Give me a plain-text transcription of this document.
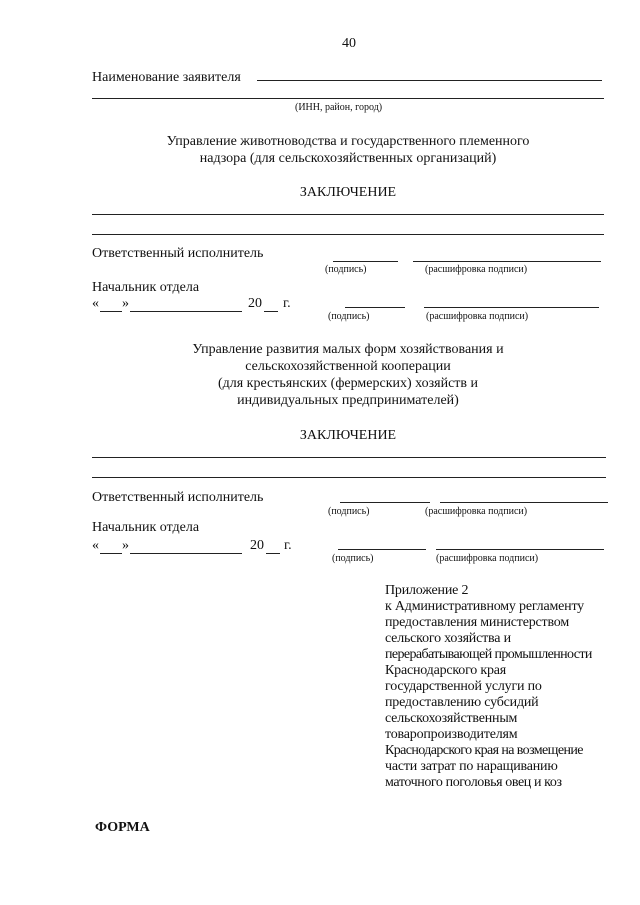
40
Наименование заявителя
(ИНН, район, город)
Управление животноводства и государственного племенного
надзора (для сельскохозяйственных организаций)
ЗАКЛЮЧЕНИЕ
Ответственный исполнитель
(подпись)	(расшифровка подписи)
Начальник отдела
« »	20 г.
(подпись)	(расшифровка подписи)
Управление развития малых форм хозяйствования и
сельскохозяйственной кооперации
(для крестьянских (фермерских) хозяйств и
индивидуальных предпринимателей)
ЗАКЛЮЧЕНИЕ
Ответственный исполнитель
(подпись)	(расшифровка подписи)
Начальник отдела
« »	20 г.
(подпись)	(расшифровка подписи)
Приложение 2
к Административному регламенту
предоставления министерством
сельского хозяйства и
перерабатывающей промышленности
Краснодарского края
государственной услуги по
предоставлению субсидий
сельскохозяйственным
товаропроизводителям
Краснодарского края на возмещение
части затрат по наращиванию
маточного поголовья овец и коз
ФОРМА
